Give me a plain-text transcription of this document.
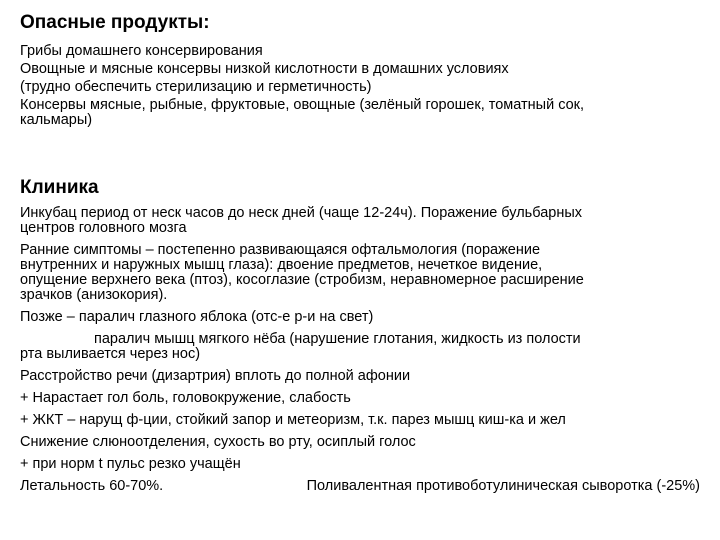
Опасные продукты:
Грибы домашнего консервирования
Овощные и мясные консервы низкой кислотности в домашних условиях
(трудно обеспечить стерилизацию и герметичность)
Консервы мясные, рыбные, фруктовые, овощные (зелёный горошек, томатный сок,
кальмары)
Клиника
Инкубац период от неск часов до неск дней (чаще 12-24ч). Поражение бульбарных
центров головного мозга
Ранние симптомы – постепенно развивающаяся офтальмология (поражение
внутренних и наружных мышц глаза): двоение предметов, нечеткое видение,
опущение верхнего века (птоз), косоглазие (стробизм, неравномерное расширение
зрачков (анизокория).
Позже – паралич глазного яблока (отс-е р-и на свет)
паралич мышц мягкого нёба (нарушение глотания, жидкость из полости
рта выливается через нос)
Расстройство речи (дизартрия) вплоть до полной афонии
+ Нарастает гол боль, головокружение, слабость
+ ЖКТ – нарущ ф-ции, стойкий запор и метеоризм, т.к. парез мышц киш-ка и жел
Снижение слюноотделения, сухость во рту, осиплый голос
+ при норм t пульс резко учащён
Летальность 60-70%.	Поливалентная противоботулиническая сыворотка (-25%)
